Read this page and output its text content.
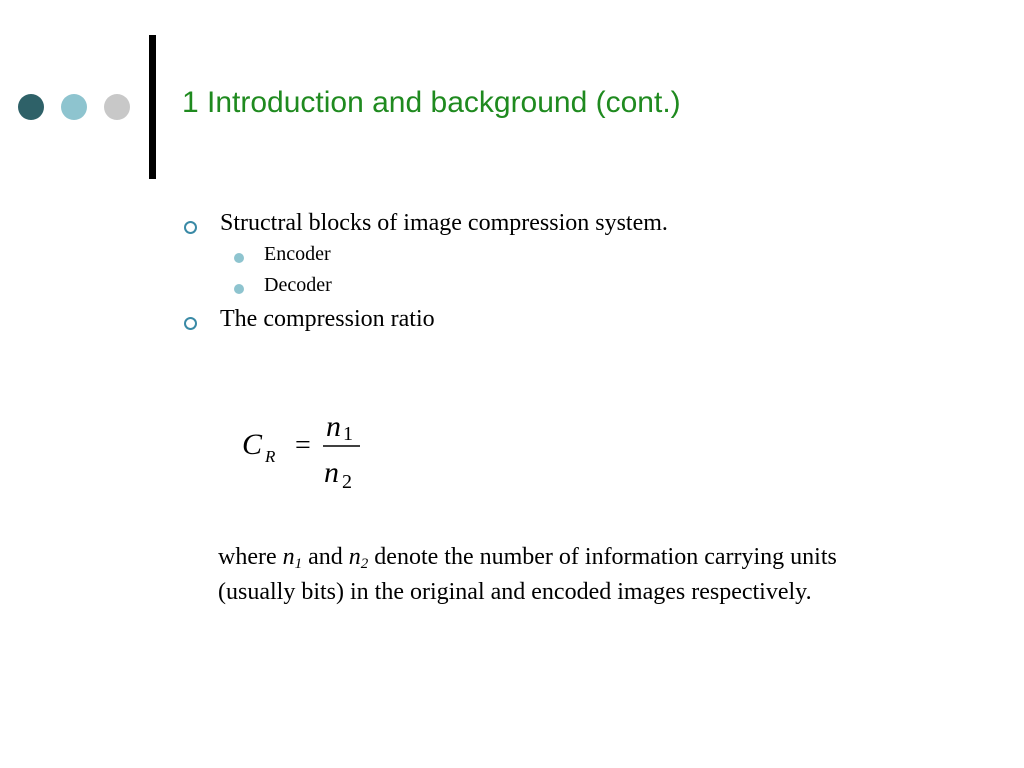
1 Introduction and background (cont.)
Structral blocks of image compression system.
Encoder
Decoder
The compression ratio
C R =
n 1
n 2
where $n_1$ and $n_2$ denote the number of information carrying units (usually bits) in the original and encoded images respectively.
